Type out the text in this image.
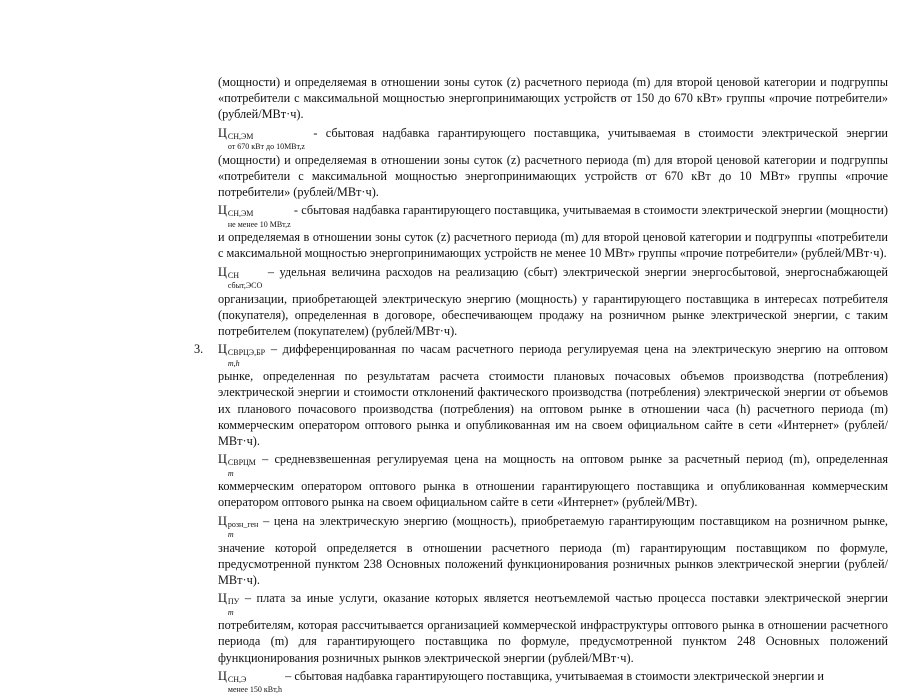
(мощности) и определяемая в отношении зоны суток (z) расчетного периода (m) для второй ценовой категории и подгруппы «потребители с максимальной мощностью энергопринимающих устройств от 150 до 670 кВт» группы «прочие потребители» (рублей/МВт·ч).

Ц СН,ЭМ
от 670 кВт до 10МВт,z
- сбытовая надбавка гарантирующего поставщика, учитываемая в стоимости электрической энергии (мощности) и определяемая в отношении зоны суток (z) расчетного периода (m) для второй ценовой категории и подгруппы «потребители с максимальной мощностью энергопринимающих устройств от 670 кВт до 10 МВт» группы «прочие потребители» (рублей/МВт·ч).

Ц СН,ЭМ
не менее 10 МВт,z
- сбытовая надбавка гарантирующего поставщика, учитываемая в стоимости электрической энергии (мощности) и определяемая в отношении зоны суток (z) расчетного периода (m) для второй ценовой категории и подгруппы «потребители с максимальной мощностью энергопринимающих устройств не менее 10 МВт» группы «прочие потребители» (рублей/МВт·ч).

Ц СН
сбыт,ЭСО
– удельная величина расходов на реализацию (сбыт) электрической энергии энергосбытовой, энергоснабжающей организации, приобретающей электрическую энергию (мощность) у гарантирующего поставщика в интересах потребителя (покупателя), определенная в договоре, обеспечивающем продажу на розничном рынке электрической энергии, с таким потребителем (покупателем) (рублей/МВт·ч).

3. Ц СВРЦЭ,БР
m,h
– дифференцированная по часам расчетного периода регулируемая цена на электрическую энергию на оптовом рынке, определенная по результатам расчета стоимости плановых почасовых объемов производства (потребления) электрической энергии и стоимости отклонений фактического производства (потребления) электрической энергии от объемов их планового почасового производства (потребления) на оптовом рынке в отношении часа (h) расчетного периода (m) коммерческим оператором оптового рынка и опубликованная им на своем официальном сайте в сети «Интернет» (рублей/МВт·ч).

Ц СВРЦМ
m
– средневзвешенная регулируемая цена на мощность на оптовом рынке за расчетный период (m), определенная коммерческим оператором оптового рынка в отношении гарантирующего поставщика и опубликованная коммерческим оператором оптового рынка на своем официальном сайте в сети «Интернет» (рублей/МВт).

Ц розн_ген
m
– цена на электрическую энергию (мощность), приобретаемую гарантирующим поставщиком на розничном рынке, значение которой определяется в отношении расчетного периода (m) гарантирующим поставщиком по формуле, предусмотренной пунктом 238 Основных положений функционирования розничных рынков электрической энергии (рублей/МВт·ч).

Ц ПУ
m
– плата за иные услуги, оказание которых является неотъемлемой частью процесса поставки электрической энергии потребителям, которая рассчитывается организацией коммерческой инфраструктуры оптового рынка в отношении расчетного периода (m) для гарантирующего поставщика по формуле, предусмотренной пунктом 248 Основных положений функционирования розничных рынков электрической энергии (рублей/МВт·ч).

Ц СН,Э
менее 150 кВт,h
– сбытовая надбавка гарантирующего поставщика, учитываемая в стоимости электрической энергии и
